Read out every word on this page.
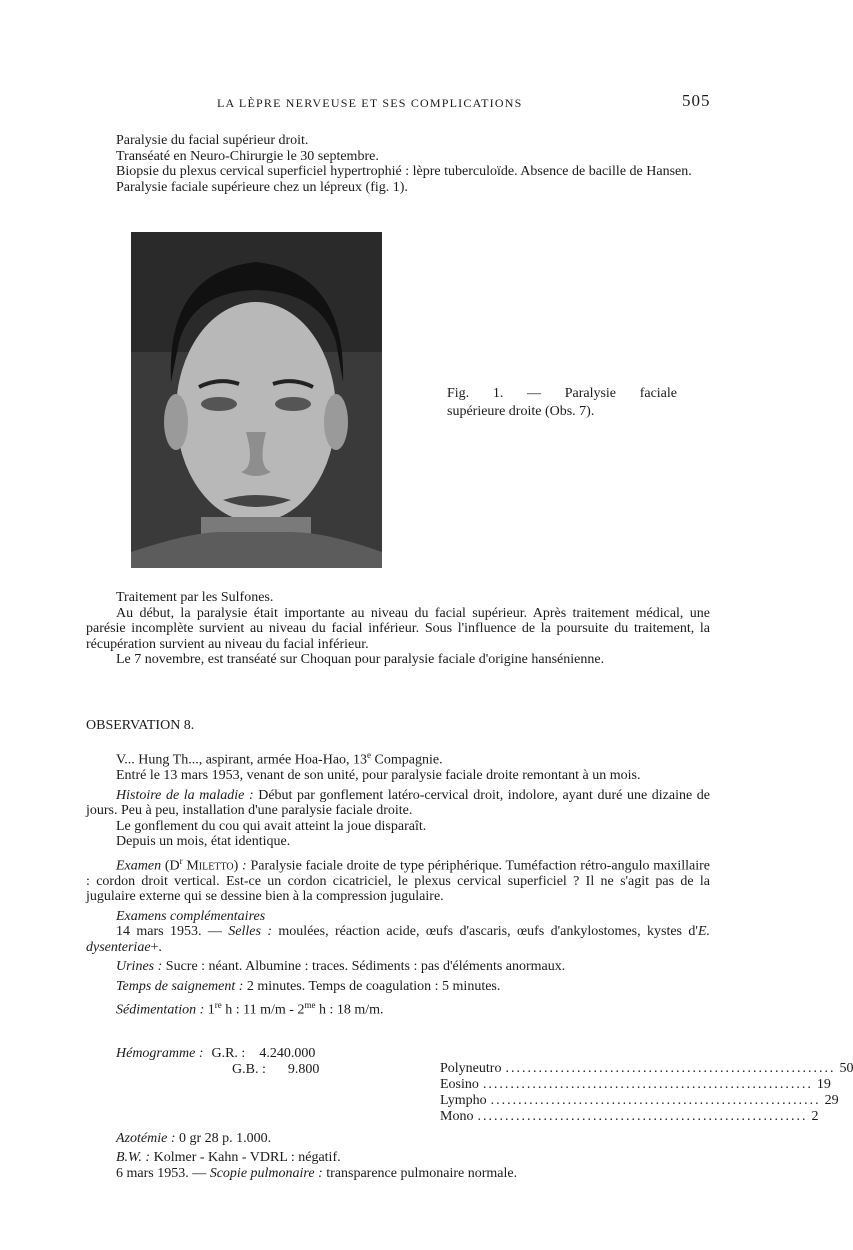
LA LÈPRE NERVEUSE ET SES COMPLICATIONS	505

Paralysie du facial supérieur droit.

Transéaté en Neuro-Chirurgie le 30 septembre.

Biopsie du plexus cervical superficiel hypertrophié : lèpre tuberculoïde. Absence de bacille de Hansen.

Paralysie faciale supérieure chez un lépreux (fig. 1).

Fig. 1. — Paralysie faciale

supérieure droite (Obs. 7).

Traitement par les Sulfones.

Au début, la paralysie était importante au niveau du facial supérieur. Après traitement médical, une parésie incomplète survient au niveau du facial inférieur. Sous l'influence de la poursuite du traitement, la récupération survient au niveau du facial inférieur.

Le 7 novembre, est transéaté sur Choquan pour paralysie faciale d'origine hansénienne.

OBSERVATION 8.

V... Hung Th..., aspirant, armée Hoa-Hao, 13e Compagnie.

Entré le 13 mars 1953, venant de son unité, pour paralysie faciale droite remontant à un mois.

Histoire de la maladie : Début par gonflement latéro-cervical droit, indolore, ayant duré une dizaine de jours. Peu à peu, installation d'une paralysie faciale droite.

Le gonflement du cou qui avait atteint la joue disparaît.

Depuis un mois, état identique.

Examen ($D^r$ Miletto) : Paralysie faciale droite de type périphérique. Tuméfaction rétro-angulo maxillaire : cordon droit vertical. Est-ce un cordon cicatriciel, le plexus cervical superficiel ? Il ne s'agit pas de la jugulaire externe qui se dessine bien à la compression jugulaire.

Examens complémentaires

14 mars 1953. — Selles : moulées, réaction acide, œufs d'ascaris, œufs d'ankylostomes, kystes d'E. dysenteriae+.

Urines : Sucre : néant. Albumine : traces. Sédiments : pas d'éléments anormaux.

Temps de saignement : 2 minutes. Temps de coagulation : 5 minutes.

Sédimentation : 1re h : 11 $m/m - 2^{me}$ h : 18 m/m.

Hémogramme : G.R. : 4.240.000
G.B. : 9.800	Polyneutro ............................................................ 50
Eosino ............................................................ 19
Lympho ............................................................ 29
Mono ............................................................ 2
Azotémie : 0 gr 28 p. 1.000.
B.W. : Kolmer - Kahn - VDRL : négatif.
6 mars 1953. — Scopie pulmonaire : transparence pulmonaire normale.
